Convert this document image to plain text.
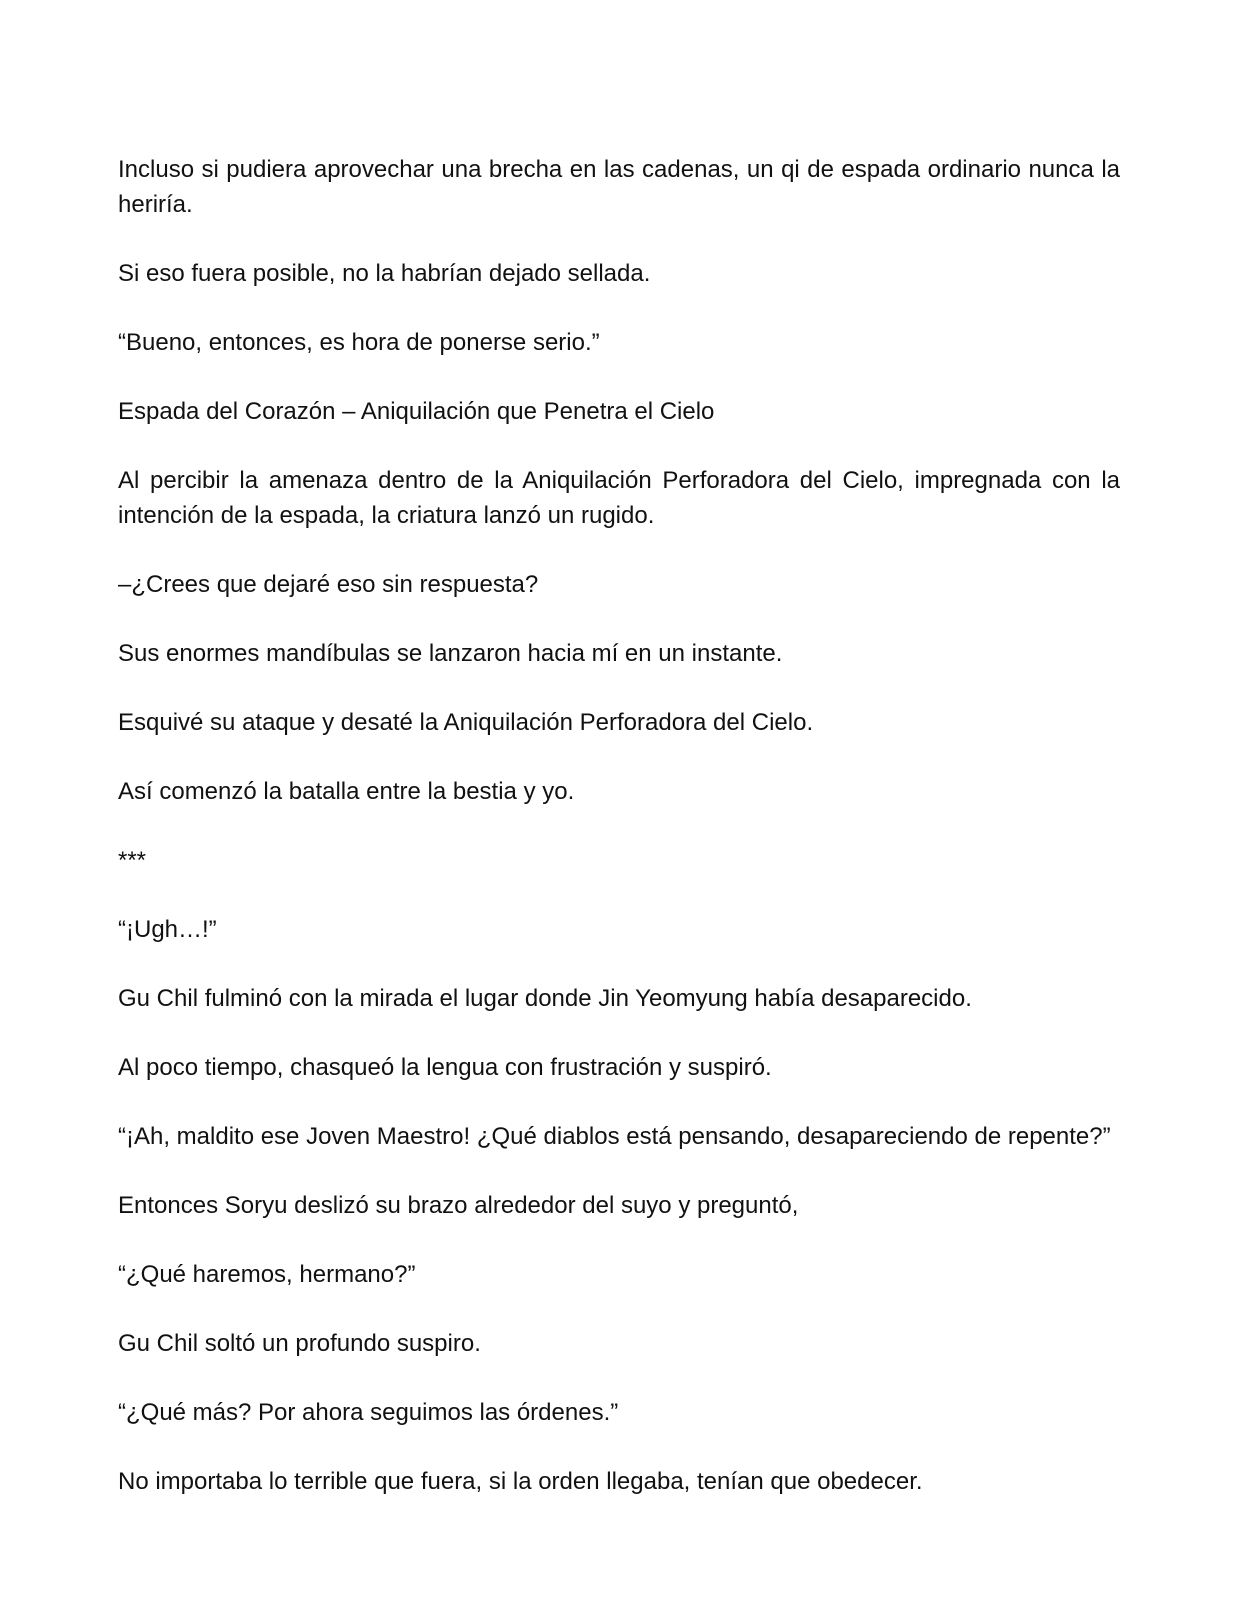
Incluso si pudiera aprovechar una brecha en las cadenas, un qi de espada ordinario nunca la heriría.

Si eso fuera posible, no la habrían dejado sellada.

“Bueno, entonces, es hora de ponerse serio.”

Espada del Corazón – Aniquilación que Penetra el Cielo

Al percibir la amenaza dentro de la Aniquilación Perforadora del Cielo, impregnada con la intención de la espada, la criatura lanzó un rugido.

–¿Crees que dejaré eso sin respuesta?

Sus enormes mandíbulas se lanzaron hacia mí en un instante.

Esquivé su ataque y desaté la Aniquilación Perforadora del Cielo.

Así comenzó la batalla entre la bestia y yo.

***

“¡Ugh…!”

Gu Chil fulminó con la mirada el lugar donde Jin Yeomyung había desaparecido.

Al poco tiempo, chasqueó la lengua con frustración y suspiró.

“¡Ah, maldito ese Joven Maestro! ¿Qué diablos está pensando, desapareciendo de repente?”

Entonces Soryu deslizó su brazo alrededor del suyo y preguntó,

“¿Qué haremos, hermano?”

Gu Chil soltó un profundo suspiro.

“¿Qué más? Por ahora seguimos las órdenes.”

No importaba lo terrible que fuera, si la orden llegaba, tenían que obedecer.
